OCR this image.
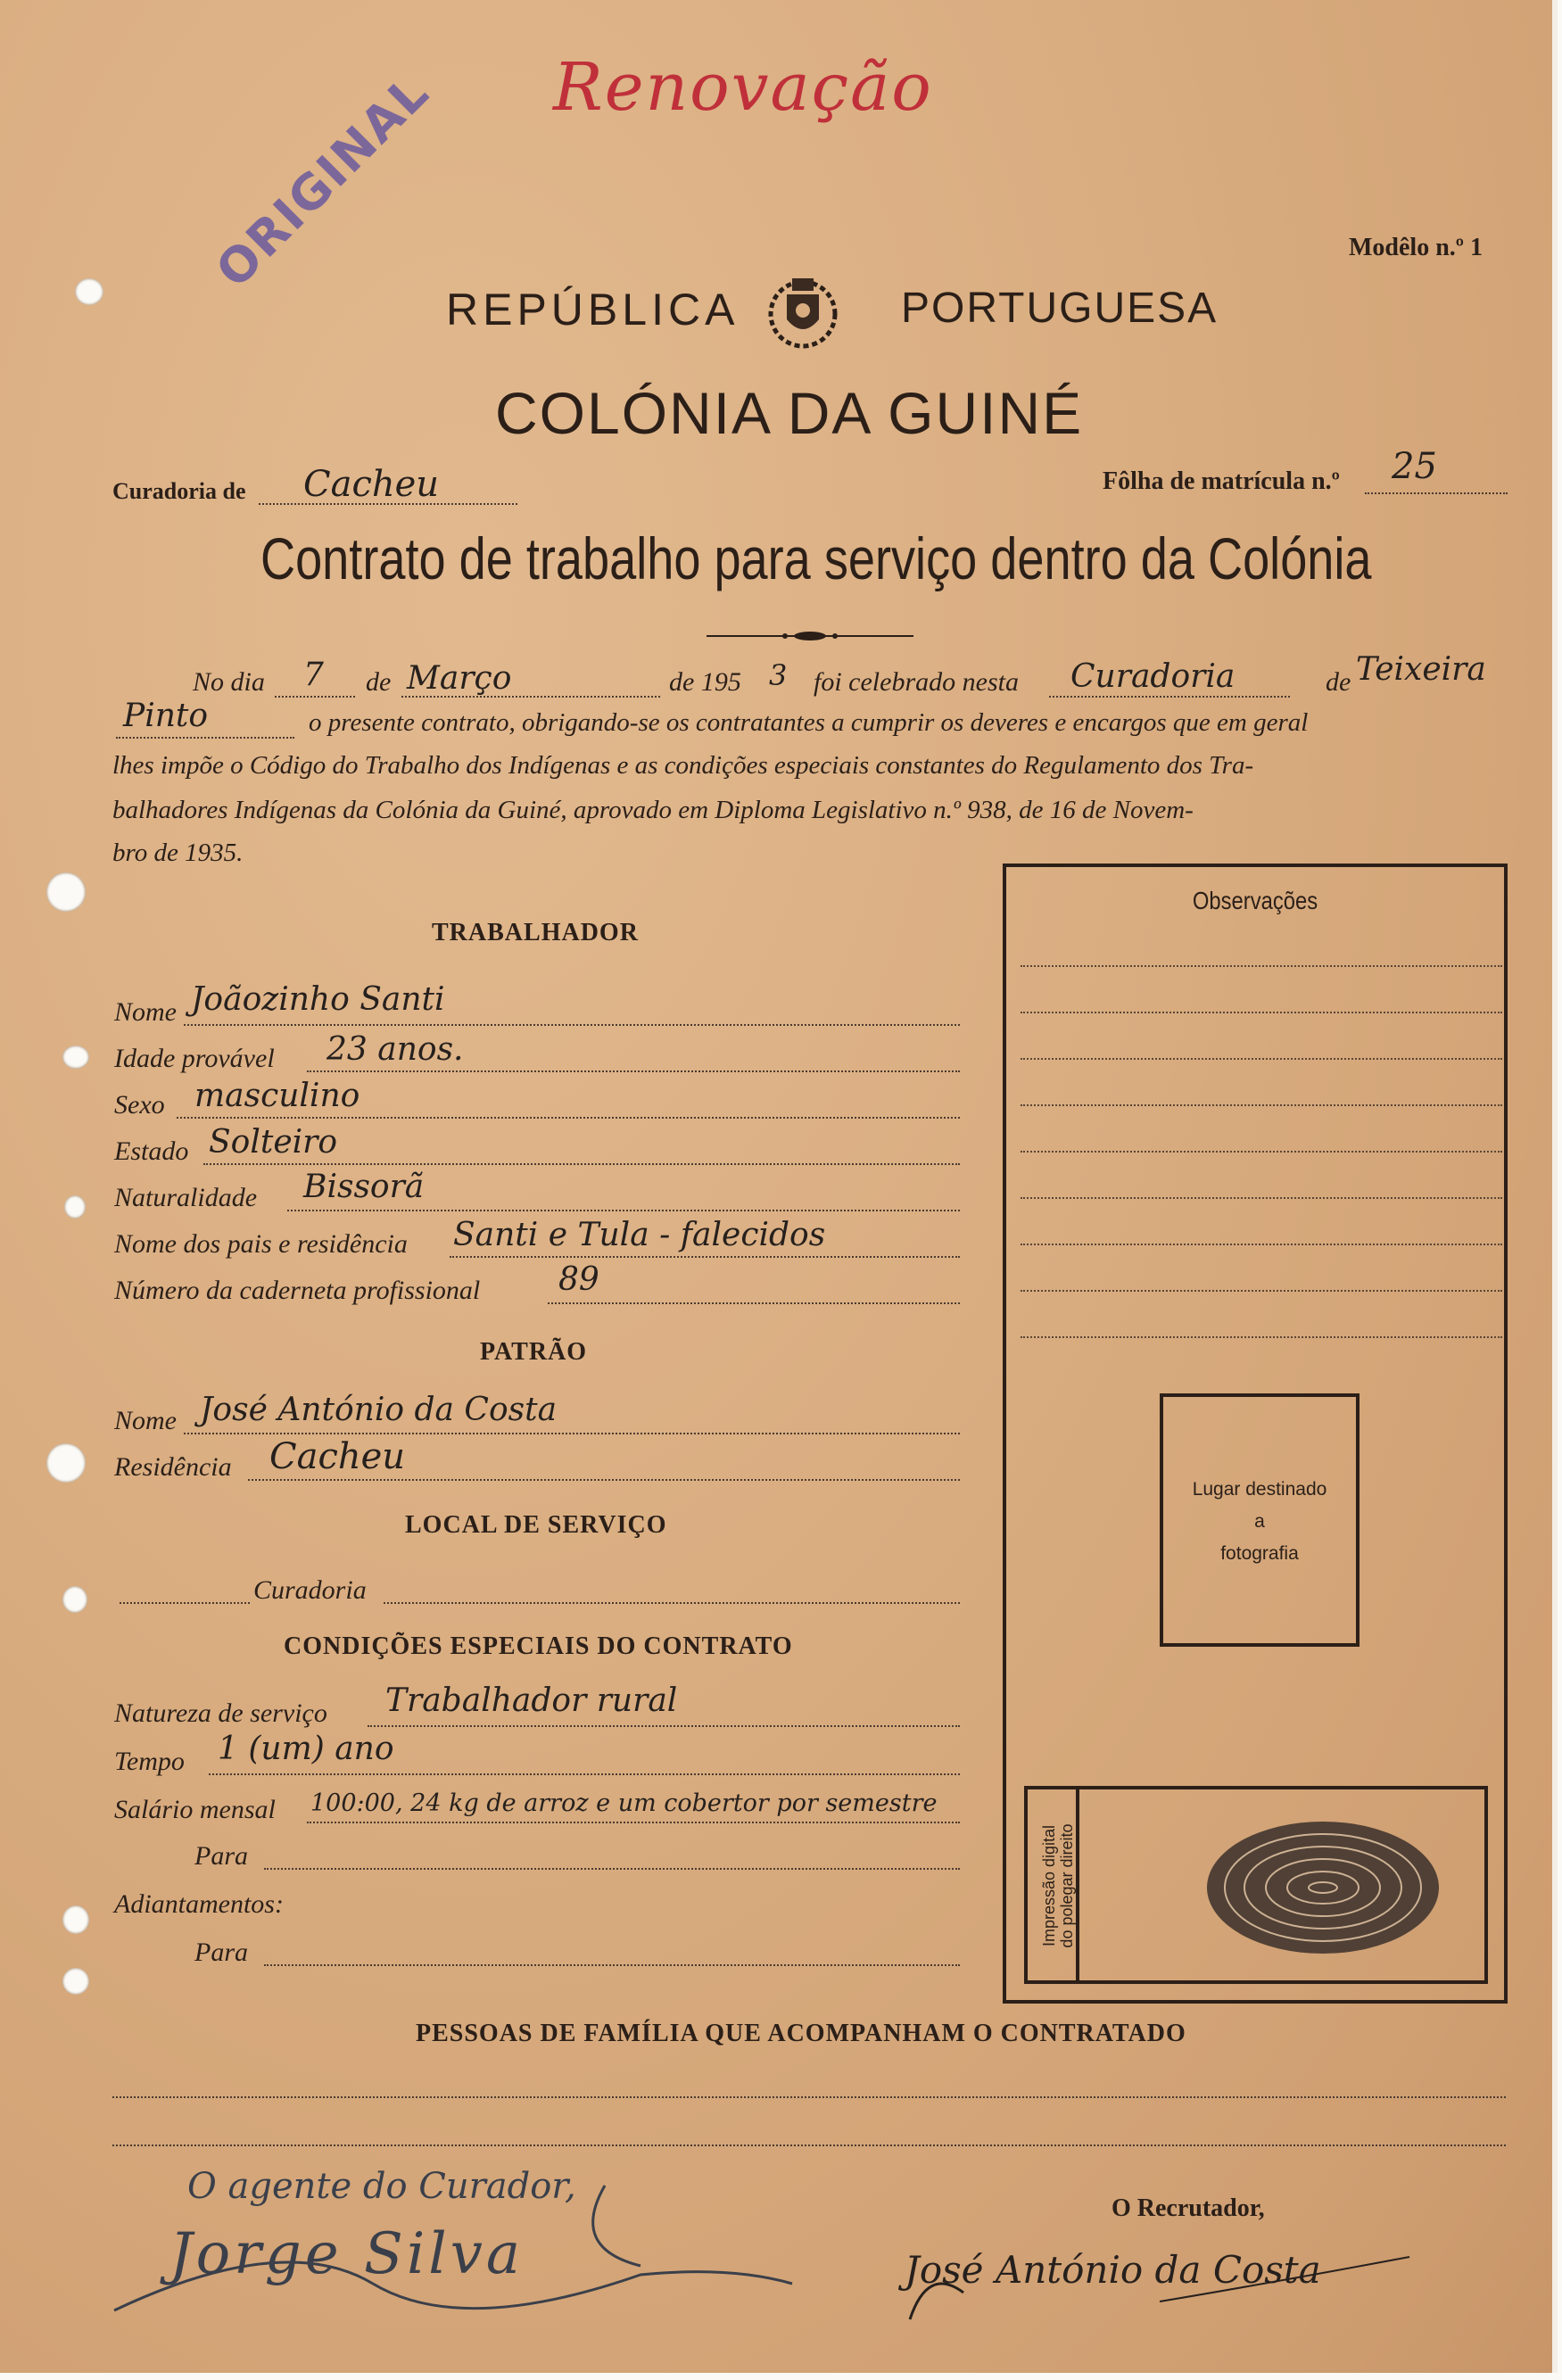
Renovação
ORIGINAL	Modêlo n.º 1
REPÚBLICA	PORTUGUESA
COLÓNIA DA GUINÉ
Curadoria de Cacheu	Fôlha de matrícula n.º 25
Contrato de trabalho para serviço dentro da Colónia
No dia 7 de Março	de 195 3 foi celebrado nesta Curadoria	de Teixeira
Pinto	o presente contrato, obrigando-se os contratantes a cumprir os deveres e encargos que em geral
lhes impõe o Código do Trabalho dos Indígenas e as condições especiais constantes do Regulamento dos Tra-
balhadores Indígenas da Colónia da Guiné, aprovado em Diploma Legislativo n.º 938, de 16 de Novem-
bro de 1935.
TRABALHADOR
Nome Joãozinho Santi
Idade provável 23 anos.
Sexo masculino
Estado Solteiro
Naturalidade Bissorã
Nome dos pais e residência Santi e Tula - falecidos
Número da caderneta profissional 89
PATRÃO
Nome José António da Costa
Residência Cacheu
LOCAL DE SERVIÇO
Curadoria
CONDIÇÕES ESPECIAIS DO CONTRATO
Natureza de serviço Trabalhador rural
Tempo 1 (um) ano
Salário mensal 100:00, 24 kg de arroz e um cobertor por semestre
Para
Adiantamentos:
Para
Observações
Lugar destinado
a
fotografia
Impressão digital do polegar direito
PESSOAS DE FAMÍLIA QUE ACOMPANHAM O CONTRATADO
O agente do Curador,
Jorge Silva
O Recrutador,
José António da Costa
